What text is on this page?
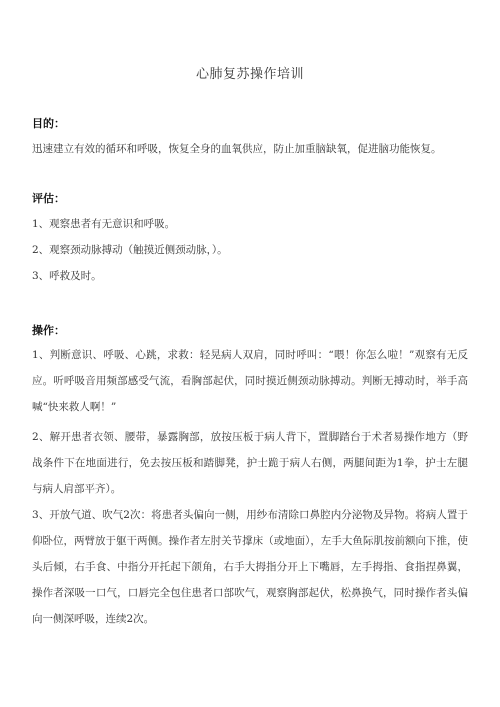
心肺复苏操作培训
目的：
迅速建立有效的循环和呼吸，恢复全身的血氧供应，防止加重脑缺氧，促进脑功能恢复。
评估：
1、观察患者有无意识和呼吸。
2、观察颈动脉搏动（触摸近侧颈动脉，）。
3、呼救及时。
操作：
1、判断意识、呼吸、心跳，求救：轻晃病人双肩，同时呼叫：“喂！你怎么啦！”观察有无反应。听呼吸音用频部感受气流，看胸部起伏，同时摸近侧颈动脉搏动。判断无搏动时，举手高喊“快来救人啊！”
2、解开患者衣领、腰带，暴露胸部，放按压板于病人背下，置脚踏台于术者易操作地方（野战条件下在地面进行，免去按压板和踏脚凳，护士跪于病人右侧，两腿间距为1拳，护士左腿与病人肩部平齐）。
3、开放气道、吹气2次：将患者头偏向一侧，用纱布清除口鼻腔内分泌物及异物。将病人置于仰卧位，两臂放于躯干两侧。操作者左肘关节撑床（或地面），左手大鱼际肌按前额向下推，使头后倾，右手食、中指分开托起下颌角，右手大拇指分开上下嘴唇，左手拇指、食指捏鼻翼，操作者深吸一口气，口唇完全包住患者口部吹气，观察胸部起伏，松鼻换气，同时操作者头偏向一侧深呼吸，连续2次。
